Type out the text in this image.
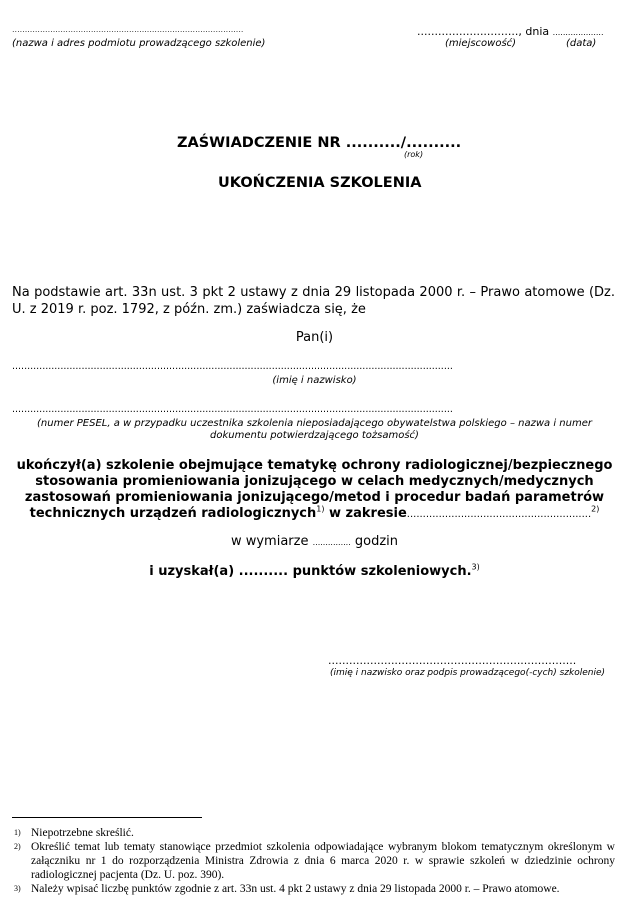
...........................................................................................
(nazwa i adres podmiotu prowadzącego szkolenie)
............................., dnia ....................
(miejscowość)	(data)
ZAŚWIADCZENIE NR ........../..........
(rok)
UKOŃCZENIA SZKOLENIA
Na podstawie art. 33n ust. 3 pkt 2 ustawy z dnia 29 listopada 2000 r. – Prawo atomowe (Dz. U. z 2019 r. poz. 1792, z późn. zm.) zaświadcza się, że
Pan(i)
..................................................................................................................................................
(imię i nazwisko)
..................................................................................................................................................
(numer PESEL, a w przypadku uczestnika szkolenia nieposiadającego obywatelstwa polskiego – nazwa i numer dokumentu potwierdzającego tożsamość)
ukończył(a) szkolenie obejmujące tematykę ochrony radiologicznej/bezpiecznego stosowania promieniowania jonizującego w celach medycznych/medycznych zastosowań promieniowania jonizującego/metod i procedur badań parametrów technicznych urządzeń radiologicznych$^{1)}$ w zakresie..........................................................$^{2)}$
w wymiarze ............... godzin
i uzyskał(a) .......... punktów szkoleniowych.$^{3)}$
.......................................................................
(imię i nazwisko oraz podpis prowadzącego(-cych) szkolenie)
1) Niepotrzebne skreślić.
2) Określić temat lub tematy stanowiące przedmiot szkolenia odpowiadające wybranym blokom tematycznym określonym w załączniku nr 1 do rozporządzenia Ministra Zdrowia z dnia 6 marca 2020 r. w sprawie szkoleń w dziedzinie ochrony radiologicznej pacjenta (Dz. U. poz. 390).
3) Należy wpisać liczbę punktów zgodnie z art. 33n ust. 4 pkt 2 ustawy z dnia 29 listopada 2000 r. – Prawo atomowe.
